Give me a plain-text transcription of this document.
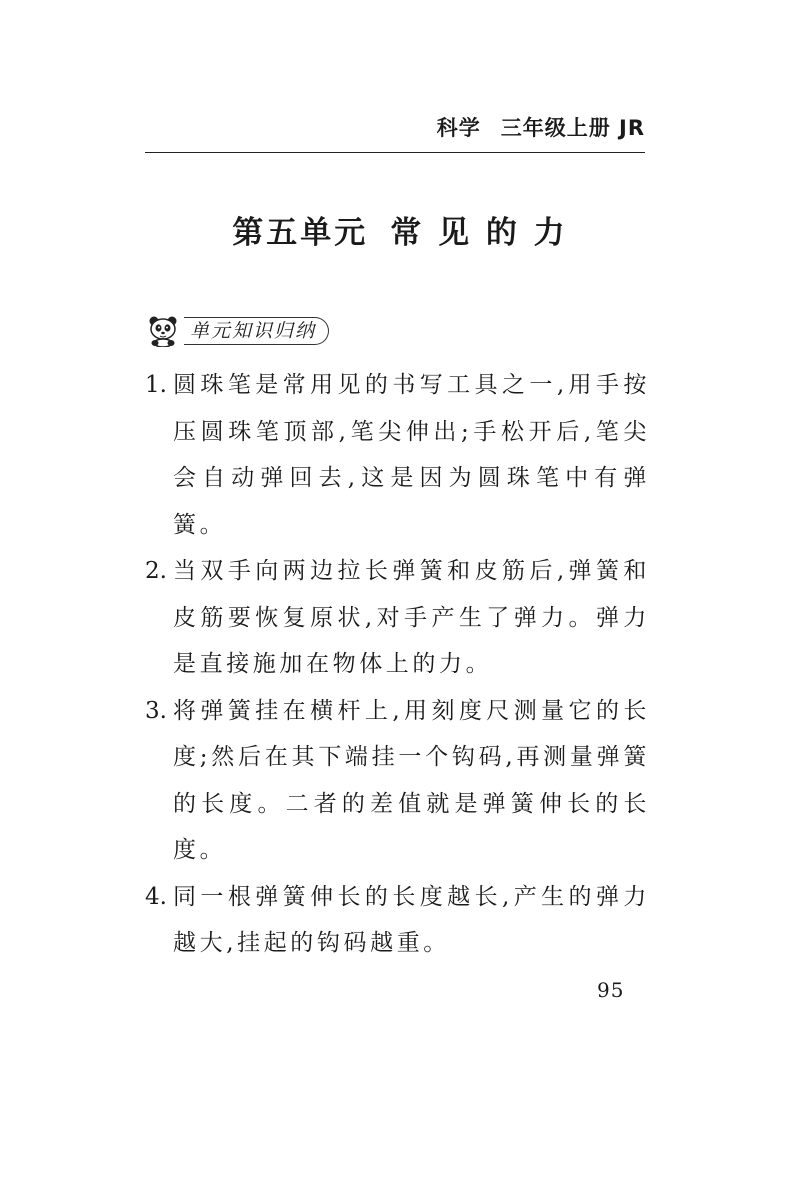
科学 三年级上册 JR
第五单元 常 见 的 力
单元知识归纳
1. 圆珠笔是常用见的书写工具之一,用手按压圆珠笔顶部,笔尖伸出;手松开后,笔尖会自动弹回去,这是因为圆珠笔中有弹簧。
2. 当双手向两边拉长弹簧和皮筋后,弹簧和皮筋要恢复原状,对手产生了弹力。弹力是直接施加在物体上的力。
3. 将弹簧挂在横杆上,用刻度尺测量它的长度;然后在其下端挂一个钩码,再测量弹簧的长度。二者的差值就是弹簧伸长的长度。
4. 同一根弹簧伸长的长度越长,产生的弹力越大,挂起的钩码越重。
95
